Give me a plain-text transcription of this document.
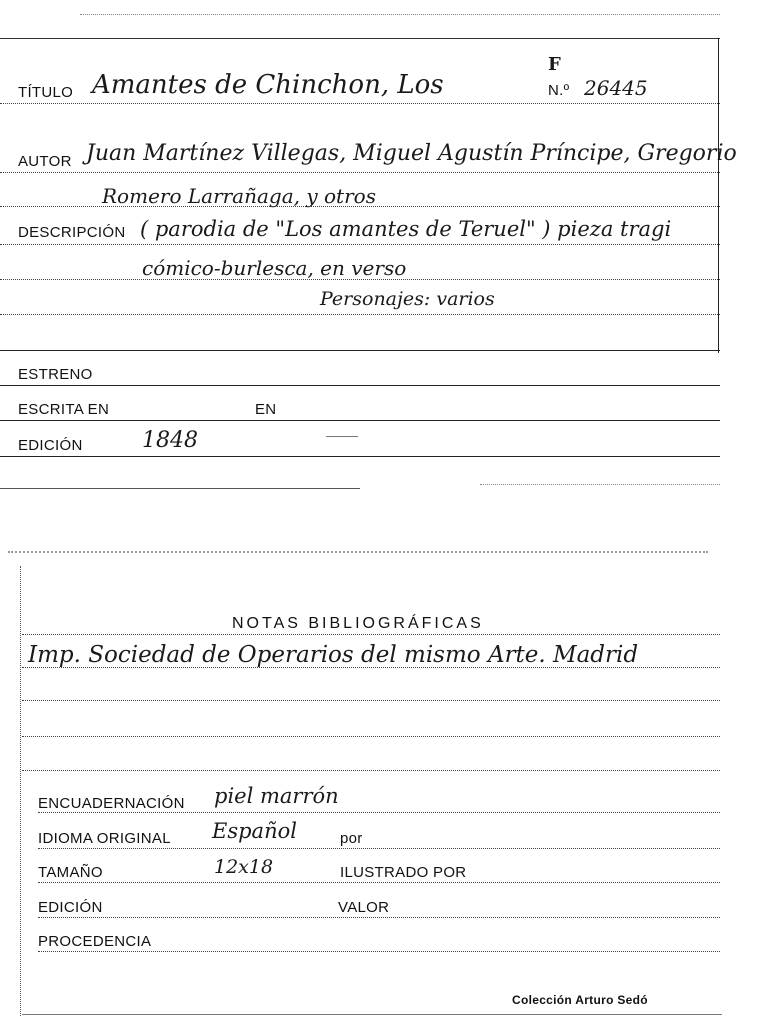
TÍTULO Amantes de Chinchon, Los
F
N.º 26445
AUTOR Juan Martínez Villegas, Miguel Agustín Príncipe, Gregorio
Romero Larrañaga, y otros
DESCRIPCIÓN ( parodia de "Los amantes de Teruel" ) pieza tragi
cómico-burlesca, en verso
Personajes: varios
ESTRENO
ESCRITA EN	EN
EDICIÓN	1848
NOTAS BIBLIOGRÁFICAS
Imp. Sociedad de Operarios del mismo Arte. Madrid
ENCUADERNACIÓN piel marrón
IDIOMA ORIGINAL Español	por
TAMAÑO	12x18	ILUSTRADO POR
EDICIÓN	VALOR
PROCEDENCIA
Colección Arturo Sedó
